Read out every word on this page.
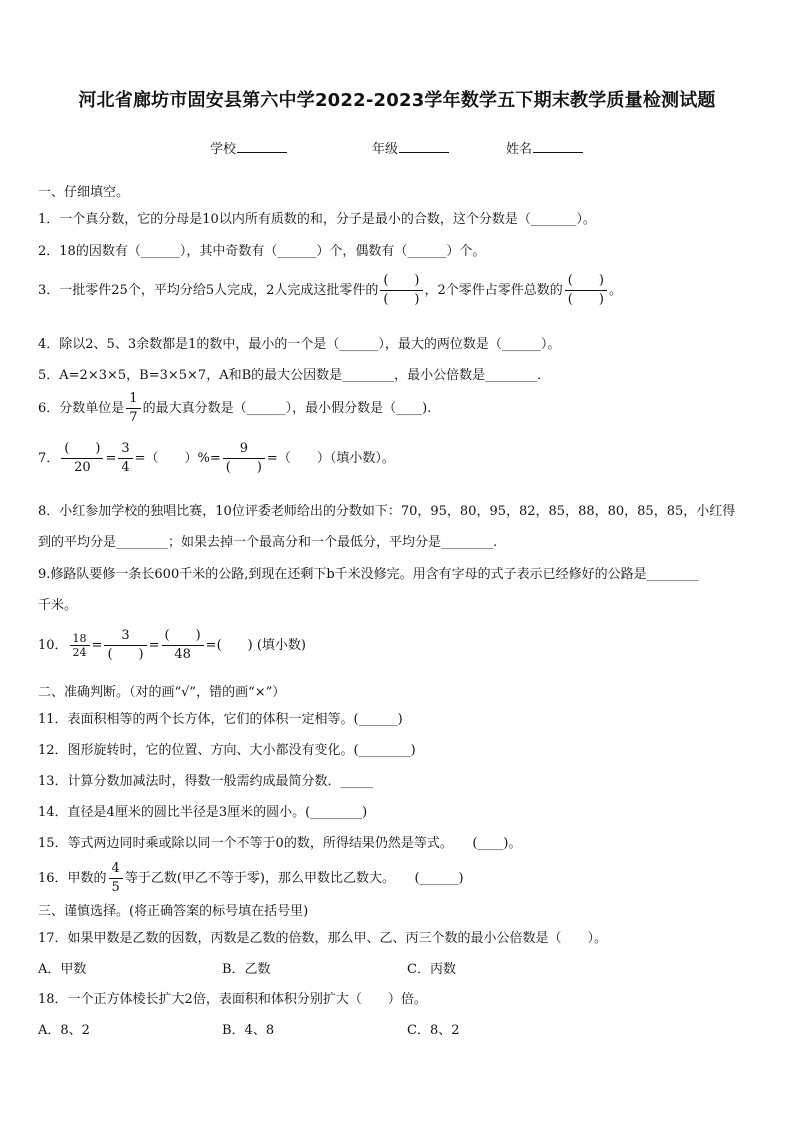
河北省廊坊市固安县第六中学2022-2023学年数学五下期末教学质量检测试题
学校	年级	姓名
一、仔细填空。
1．一个真分数，它的分母是10以内所有质数的和，分子是最小的合数，这个分数是（_______）。
2．18的因数有（______），其中奇数有（______）个，偶数有（______）个。
3．一批零件25个，平均分给5人完成，2人完成这批零件的 $\frac{( )}{( )}$ ，2个零件占零件总数的 $\frac{( )}{( )}$ 。
4．除以2、5、3余数都是1的数中，最小的一个是（______），最大的两位数是（______）。
5．A=2×3×5，B=3×5×7，A和B的最大公因数是________，最小公倍数是________．
6．分数单位是 $\frac{1}{7}$ 的最大真分数是（______），最小假分数是（____).
7． $\frac{( )}{20} = \frac{3}{4}$ =（　　）%= $\frac{9}{( )}$ =（　　）（填小数）。
8．小红参加学校的独唱比赛，10位评委老师给出的分数如下：70，95，80，95，82，85，88，80，85，85，小红得
到的平均分是________；如果去掉一个最高分和一个最低分，平均分是________.
9.修路队要修一条长600千米的公路,到现在还剩下b千米没修完。用含有字母的式子表示已经修好的公路是________
千米。
10． $\frac{18}{24} = \frac{3}{( )} = \frac{( )}{48}$ =(　　) (填小数)
二、准确判断。（对的画“√”，错的画“×”）
11．表面积相等的两个长方体，它们的体积一定相等。(______)
12．图形旋转时，它的位置、方向、大小都没有变化。(________)
13．计算分数加减法时，得数一般需约成最简分数．_____
14．直径是4厘米的圆比半径是3厘米的圆小。(________)
15．等式两边同时乘或除以同一个不等于0的数，所得结果仍然是等式。　　(____)。
16．甲数的 $\frac{4}{5}$ 等于乙数(甲乙不等于零)，那么甲数比乙数大。　　(______)
三、谨慎选择。(将正确答案的标号填在括号里)
17．如果甲数是乙数的因数，丙数是乙数的倍数，那么甲、乙、丙三个数的最小公倍数是（　　）。
A．甲数	B．乙数	C．丙数
18．一个正方体棱长扩大2倍，表面积和体积分别扩大（　　）倍。
A．8、2	B．4、8	C．8、2
